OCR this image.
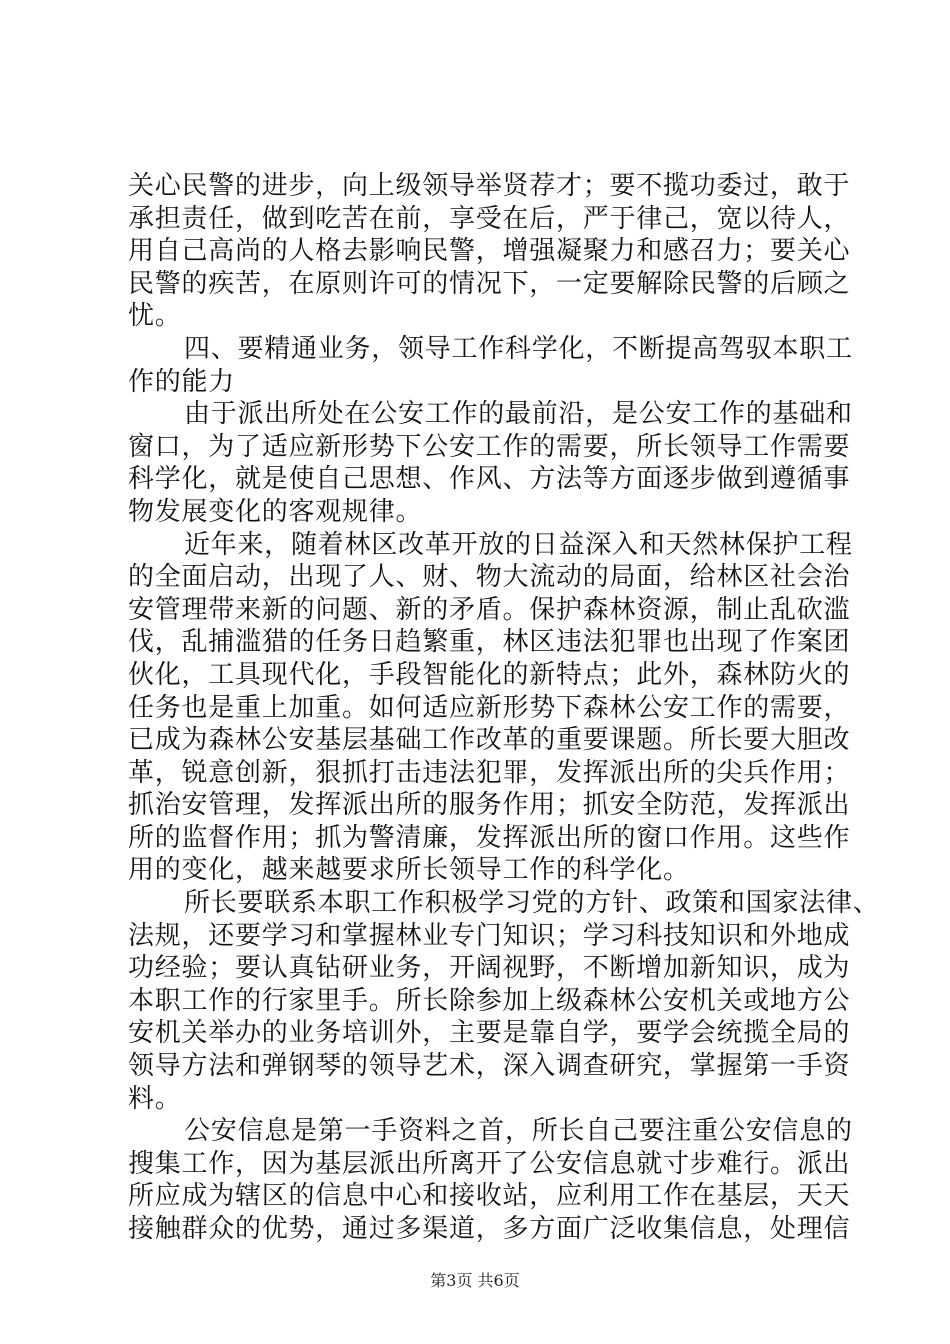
关心民警的进步，向上级领导举贤荐才；要不揽功委过，敢于
承担责任，做到吃苦在前，享受在后，严于律己，宽以待人，
用自己高尚的人格去影响民警，增强凝聚力和感召力；要关心
民警的疾苦，在原则许可的情况下，一定要解除民警的后顾之
忧。
四、要精通业务，领导工作科学化，不断提高驾驭本职工
作的能力
由于派出所处在公安工作的最前沿，是公安工作的基础和
窗口，为了适应新形势下公安工作的需要，所长领导工作需要
科学化，就是使自己思想、作风、方法等方面逐步做到遵循事
物发展变化的客观规律。
近年来，随着林区改革开放的日益深入和天然林保护工程
的全面启动，出现了人、财、物大流动的局面，给林区社会治
安管理带来新的问题、新的矛盾。保护森林资源，制止乱砍滥
伐，乱捕滥猎的任务日趋繁重，林区违法犯罪也出现了作案团
伙化，工具现代化，手段智能化的新特点；此外，森林防火的
任务也是重上加重。如何适应新形势下森林公安工作的需要，
已成为森林公安基层基础工作改革的重要课题。所长要大胆改
革，锐意创新，狠抓打击违法犯罪，发挥派出所的尖兵作用；
抓治安管理，发挥派出所的服务作用；抓安全防范，发挥派出
所的监督作用；抓为警清廉，发挥派出所的窗口作用。这些作
用的变化，越来越要求所长领导工作的科学化。
所长要联系本职工作积极学习党的方针、政策和国家法律、
法规，还要学习和掌握林业专门知识；学习科技知识和外地成
功经验；要认真钻研业务，开阔视野，不断增加新知识，成为
本职工作的行家里手。所长除参加上级森林公安机关或地方公
安机关举办的业务培训外，主要是靠自学，要学会统揽全局的
领导方法和弹钢琴的领导艺术，深入调查研究，掌握第一手资
料。
公安信息是第一手资料之首，所长自己要注重公安信息的
搜集工作，因为基层派出所离开了公安信息就寸步难行。派出
所应成为辖区的信息中心和接收站，应利用工作在基层，天天
接触群众的优势，通过多渠道，多方面广泛收集信息，处理信
第3页 共6页
